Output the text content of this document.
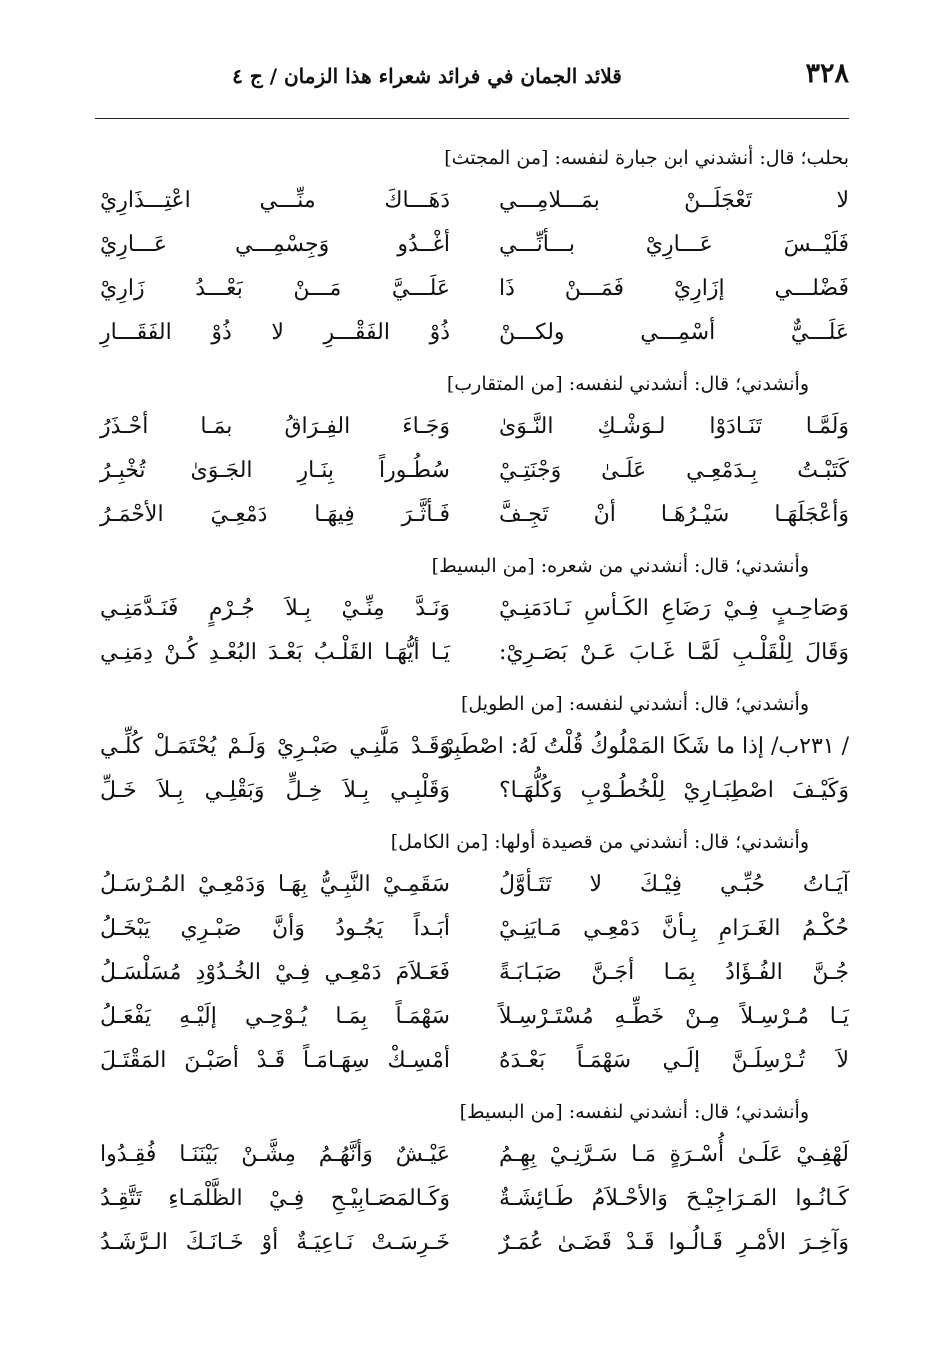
٣٢٨
قلائد الجمان في فرائد شعراء هذا الزمان / ج ٤
بحلب؛ قال: أنشدني ابن جبارة لنفسه: [من المجتث]
لا تَعْجَلَــنْ بمَـــلامِـــي
دَهَـــاكَ منِّـــي اعْتِـــذَارِيْ
فَلَيْــسَ عَـــارِيْ بـــأنِّـــي
أغْــدُو وَجِسْمِـــي عَـــارِيْ
فَضْلـــي إزَارِيْ فَمَـــنْ ذَا
عَلَـــيَّ مَـــنْ بَعْـــدُ زَارِيْ
عَلَـــيٌّ أسْمِـــي ولكـــنْ
ذُوْ الفَقْـــرِ لا ذُوْ الفَقَـــارِ
وأنشدني؛ قال: أنشدني لنفسه: [من المتقارب]
وَلَمَّـا تَنَـادَوْا لـوَشْـكِ النَّـوَىٰ
وَجَـاءَ الفِـرَاقُ بمَـا أحْـذَرُ
كَتَبْـتُ بِـدَمْعِـي عَلَـىٰ وَجْنَتِـيْ
سُطُـوراً بِنَـارِ الجَـوَىٰ تُخْبِـرُ
وَأعْجَلَهَـا سَيْـرُهَـا أنْ تَجِـفَّ
فَـأثَّـرَ فِيهَـا دَمْعِـيَ الأحْمَـرُ
وأنشدني؛ قال: أنشدني من شعره: [من البسيط]
وَصَاحِـبٍ فِـيْ رَضَاعِ الكَـأسِ نَـادَمَنِـيْ
وَنَـدَّ مِنِّـيْ بِـلاَ جُـرْمٍ فَنَـدَّمَنِـي
وَقَالَ لِلْقَلْـبِ لَمَّـا غَـابَ عَـنْ بَصَـرِيْ:
يَـا أيُّهَـا القَلْـبُ بَعْـدَ البُعْـدِ كُـنْ دِمَنِـي
وأنشدني؛ قال: أنشدني لنفسه: [من الطويل]
/ ٢٣١ب/ إذا ما شَكَا المَمْلُوكُ قُلْتُ لَهُ: اصْطَبِرْ
وَقَـدْ مَلَّنِـي صَبْـرِيْ وَلَـمْ يُحْتَمَـلْ كُلِّـي
وَكَيْـفَ اصْطِبَـارِيْ لِلْخُطُـوْبِ وَكُلُّهَـا؟
وَقَلْبِـي بِـلاَ خِـلٍّ وَبَقْلِـي بِـلاَ خَـلِّ
وأنشدني؛ قال: أنشدني من قصيدة أولها: [من الكامل]
آيَـاتُ حُبِّـي فِيْـكَ لا تَتَـأوَّلُ
سَقَمِـيْ النَّبِـيُّ بِهَـا وَدَمْعِـيْ المُـرْسَـلُ
حُكْـمُ الغَـرَامِ بِـأنَّ دَمْعِـي مَـايَنِـيْ
أبَـداً يَجُـودُ وَأنَّ صَبْـرِي يَبْخَـلُ
جُـنَّ الفُـؤَادُ بِمَـا أجَـنَّ صَبَـابَـةً
فَعَـلاَمَ دَمْعِـي فِـيْ الخُـدُوْدِ مُسَلْسَـلُ
يَـا مُـرْسِـلاً مِـنْ خَطِّـهِ مُسْتَـرْسِـلاً
سَهْمَـاً بِمَـا يُـوْحِـي إلَيْـهِ يَفْعَـلُ
لاَ تُـرْسِلَـنَّ إلَـي سَهْمَـاً بَعْـدَهُ
أمْسِـكْ سِهَـامَـاً قَـدْ أصَبْـنَ المَقْتَـلَ
وأنشدني؛ قال: أنشدني لنفسه: [من البسيط]
لَهْفِـيْ عَلَـىٰ أُسْـرَةٍ مَـا سَـرَّنِـيْ بِهِـمُ
عَيْـشٌ وَأنَّهُـمُ مِشَّـنْ بَيْنَنَـا فُقِـدُوا
كَـانُـوا المَـرَاجِيْـحَ وَالأحْـلاَمُ طَـائِشَـةٌ
وَكَـالمَصَـابِيْـحِ فِـيْ الظَّلْمَـاءِ تَتَّقِـدُ
وَآخِـرَ الأمْـرِ قَـالُـوا قَـدْ قَضَـىٰ عُمَـرٌ
خَـرِسَـتْ نَـاعِيَـةٌ أوْ خَـانَـكَ الـرَّشَـدُ
